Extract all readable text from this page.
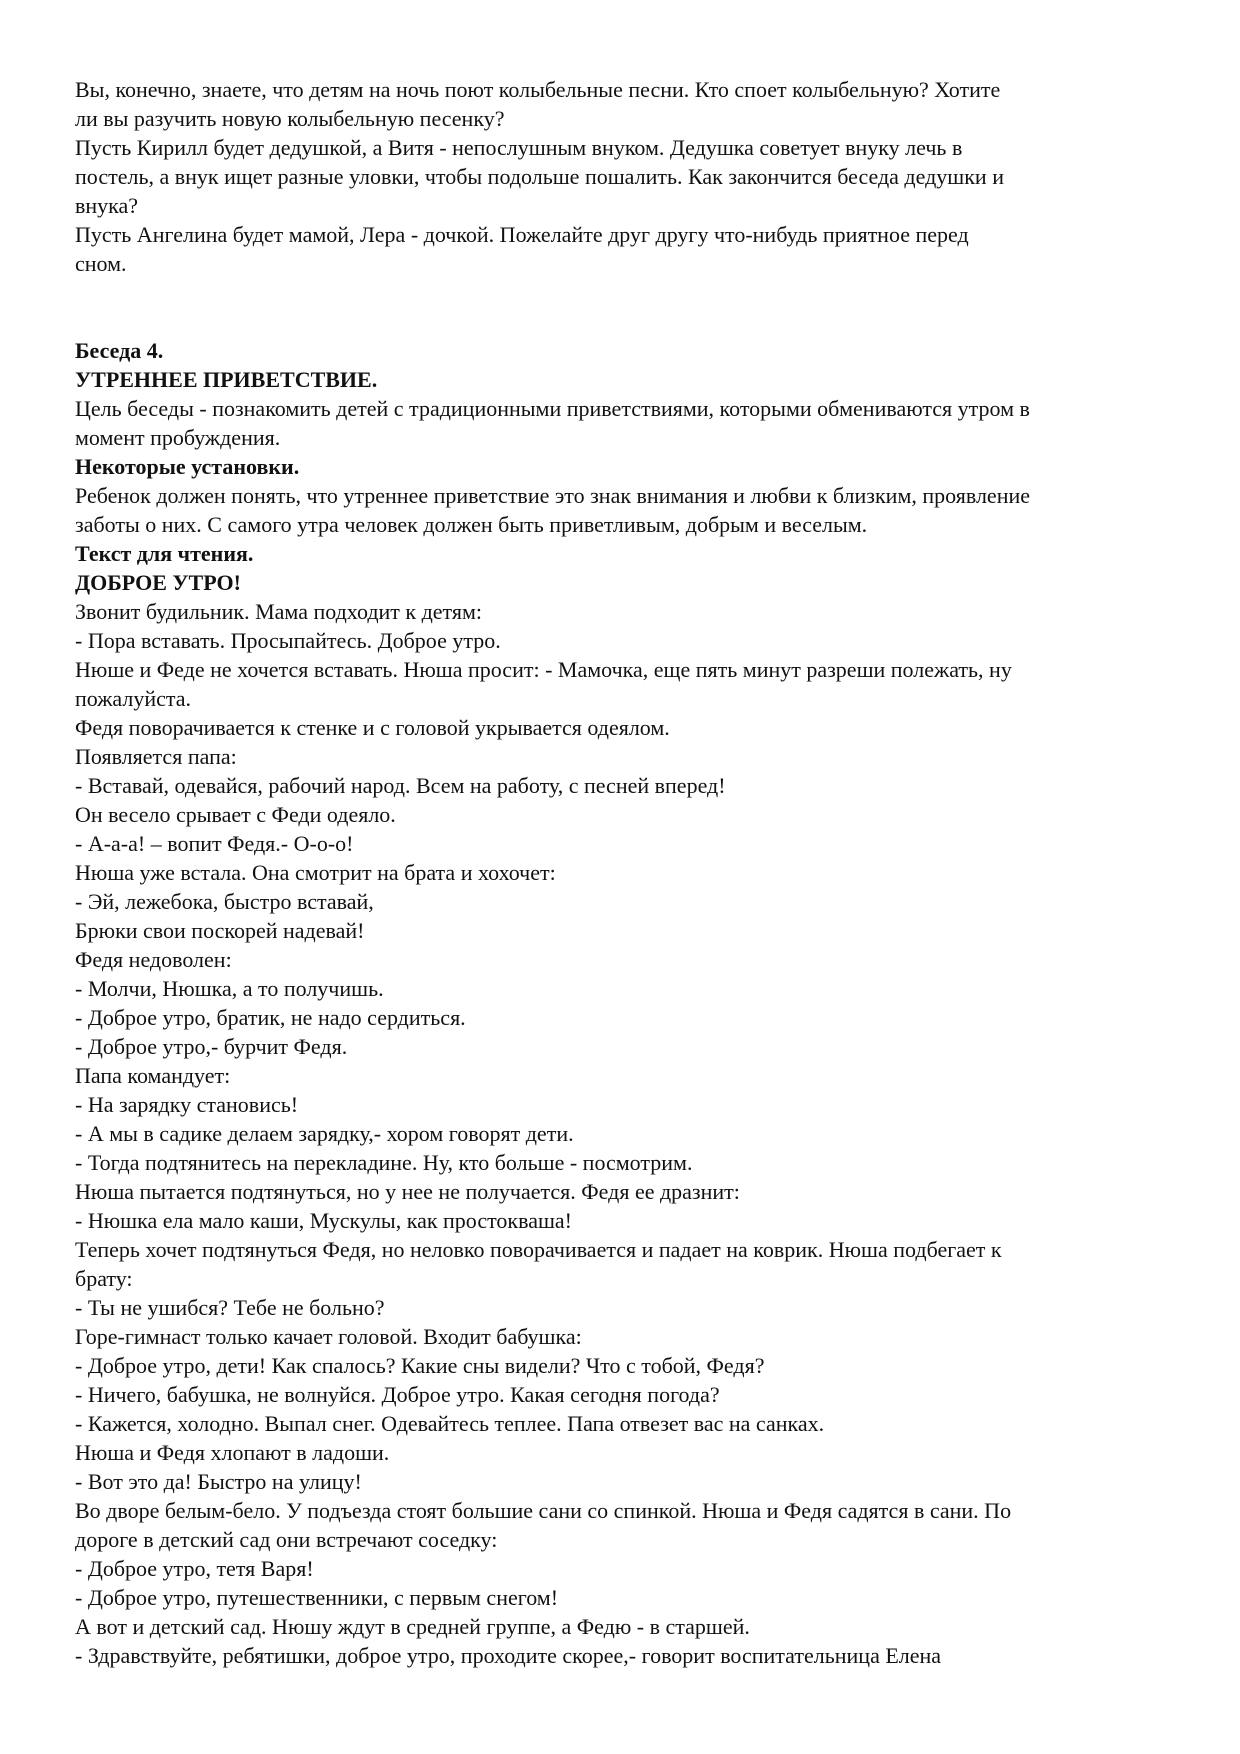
Вы, конечно, знаете, что детям на ночь поют колыбельные песни. Кто споет колыбельную? Хотите

ли вы разучить новую колыбельную песенку?

Пусть Кирилл будет дедушкой, а Витя - непослушным внуком. Дедушка советует внуку лечь в

постель, а внук ищет разные уловки, чтобы подольше пошалить. Как закончится беседа дедушки и

внука?

Пусть Ангелина будет мамой, Лера - дочкой. Пожелайте друг другу что-нибудь приятное перед

сном.

Беседа 4.

УТРЕННЕЕ ПРИВЕТСТВИЕ.

Цель беседы - познакомить детей с традиционными приветствиями, которыми обмениваются утром в

момент пробуждения.

Некоторые установки.

Ребенок должен понять, что утреннее приветствие это знак внимания и любви к близким, проявление

заботы о них. С самого утра человек должен быть приветливым, добрым и веселым.

Текст для чтения.

ДОБРОЕ УТРО!

Звонит будильник. Мама подходит к детям:

- Пора вставать. Просыпайтесь. Доброе утро.

Нюше и Феде не хочется вставать. Нюша просит: - Мамочка, еще пять минут разреши полежать, ну

пожалуйста.

Федя поворачивается к стенке и с головой укрывается одеялом.

Появляется папа:

- Вставай, одевайся, рабочий народ. Всем на работу, с песней вперед!

Он весело срывает с Феди одеяло.

- А-а-а! – вопит Федя.- О-о-о!

Нюша уже встала. Она смотрит на брата и хохочет:

- Эй, лежебока, быстро вставай,

Брюки свои поскорей надевай!

Федя недоволен:

- Молчи, Нюшка, а то получишь.

- Доброе утро, братик, не надо сердиться.

- Доброе утро,- бурчит Федя.

Папа командует:

- На зарядку становись!

- А мы в садике делаем зарядку,- хором говорят дети.

- Тогда подтянитесь на перекладине. Ну, кто больше - посмотрим.

Нюша пытается подтянуться, но у нее не получается. Федя ее дразнит:

- Нюшка ела мало каши, Мускулы, как простокваша!

Теперь хочет подтянуться Федя, но неловко поворачивается и падает на коврик. Нюша подбегает к

брату:

- Ты не ушибся? Тебе не больно?

Горе-гимнаст только качает головой. Входит бабушка:

- Доброе утро, дети! Как спалось? Какие сны видели? Что с тобой, Федя?

- Ничего, бабушка, не волнуйся. Доброе утро. Какая сегодня погода?

- Кажется, холодно. Выпал снег. Одевайтесь теплее. Папа отвезет вас на санках.

Нюша и Федя хлопают в ладоши.

- Вот это да! Быстро на улицу!

Во дворе белым-бело. У подъезда стоят большие сани со спинкой. Нюша и Федя садятся в сани. По

дороге в детский сад они встречают соседку:

- Доброе утро, тетя Варя!

- Доброе утро, путешественники, с первым снегом!

А вот и детский сад. Нюшу ждут в средней группе, а Федю - в старшей.

- Здравствуйте, ребятишки, доброе утро, проходите скорее,- говорит воспитательница Елена
